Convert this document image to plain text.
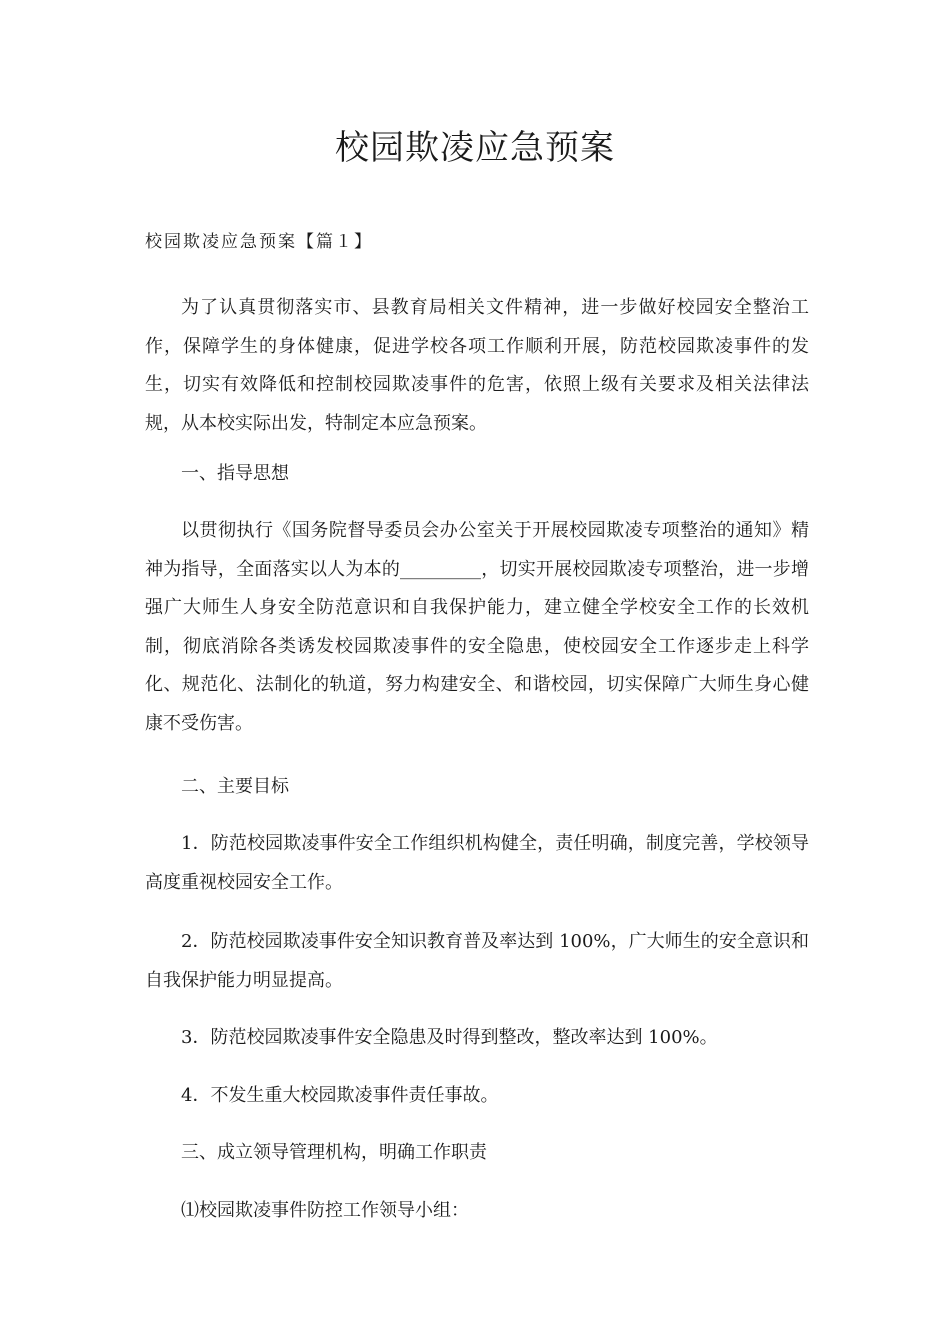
校园欺凌应急预案

校园欺凌应急预案【篇１】

为了认真贯彻落实市、县教育局相关文件精神，进一步做好校园安全整治工作，保障学生的身体健康，促进学校各项工作顺利开展，防范校园欺凌事件的发生，切实有效降低和控制校园欺凌事件的危害，依照上级有关要求及相关法律法规，从本校实际出发，特制定本应急预案。

一、指导思想

以贯彻执行《国务院督导委员会办公室关于开展校园欺凌专项整治的通知》精神为指导，全面落实以人为本的_________，切实开展校园欺凌专项整治，进一步增强广大师生人身安全防范意识和自我保护能力，建立健全学校安全工作的长效机制，彻底消除各类诱发校园欺凌事件的安全隐患，使校园安全工作逐步走上科学化、规范化、法制化的轨道，努力构建安全、和谐校园，切实保障广大师生身心健康不受伤害。

二、主要目标

1．防范校园欺凌事件安全工作组织机构健全，责任明确，制度完善，学校领导高度重视校园安全工作。

2．防范校园欺凌事件安全知识教育普及率达到 100%，广大师生的安全意识和自我保护能力明显提高。

3．防范校园欺凌事件安全隐患及时得到整改，整改率达到 100%。

4．不发生重大校园欺凌事件责任事故。

三、成立领导管理机构，明确工作职责

⑴校园欺凌事件防控工作领导小组：
